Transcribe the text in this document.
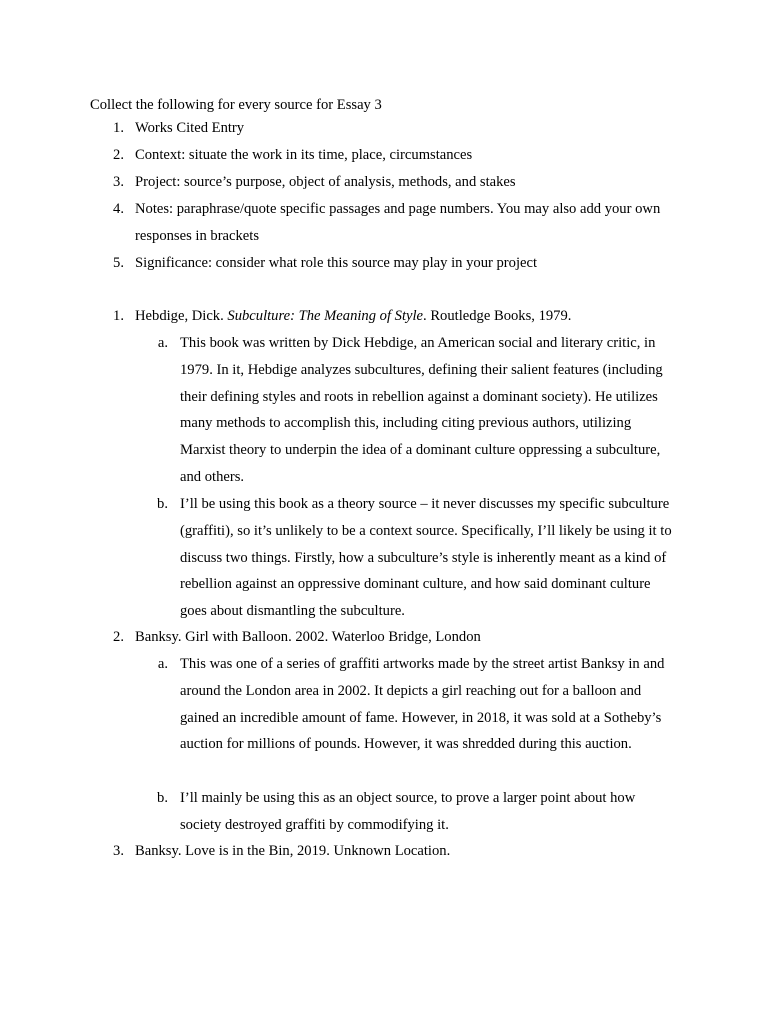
Collect the following for every source for Essay 3
1. Works Cited Entry
2. Context: situate the work in its time, place, circumstances
3. Project: source’s purpose, object of analysis, methods, and stakes
4. Notes: paraphrase/quote specific passages and page numbers. You may also add your own responses in brackets
5. Significance: consider what role this source may play in your project
1. Hebdige, Dick. Subculture: The Meaning of Style. Routledge Books, 1979.
a. This book was written by Dick Hebdige, an American social and literary critic, in 1979. In it, Hebdige analyzes subcultures, defining their salient features (including their defining styles and roots in rebellion against a dominant society). He utilizes many methods to accomplish this, including citing previous authors, utilizing Marxist theory to underpin the idea of a dominant culture oppressing a subculture, and others.
b. I’ll be using this book as a theory source – it never discusses my specific subculture (graffiti), so it’s unlikely to be a context source. Specifically, I’ll likely be using it to discuss two things. Firstly, how a subculture’s style is inherently meant as a kind of rebellion against an oppressive dominant culture, and how said dominant culture goes about dismantling the subculture.
2. Banksy. Girl with Balloon. 2002. Waterloo Bridge, London
a. This was one of a series of graffiti artworks made by the street artist Banksy in and around the London area in 2002. It depicts a girl reaching out for a balloon and gained an incredible amount of fame. However, in 2018, it was sold at a Sotheby’s auction for millions of pounds. However, it was shredded during this auction.
b. I’ll mainly be using this as an object source, to prove a larger point about how society destroyed graffiti by commodifying it.
3. Banksy. Love is in the Bin, 2019. Unknown Location.
